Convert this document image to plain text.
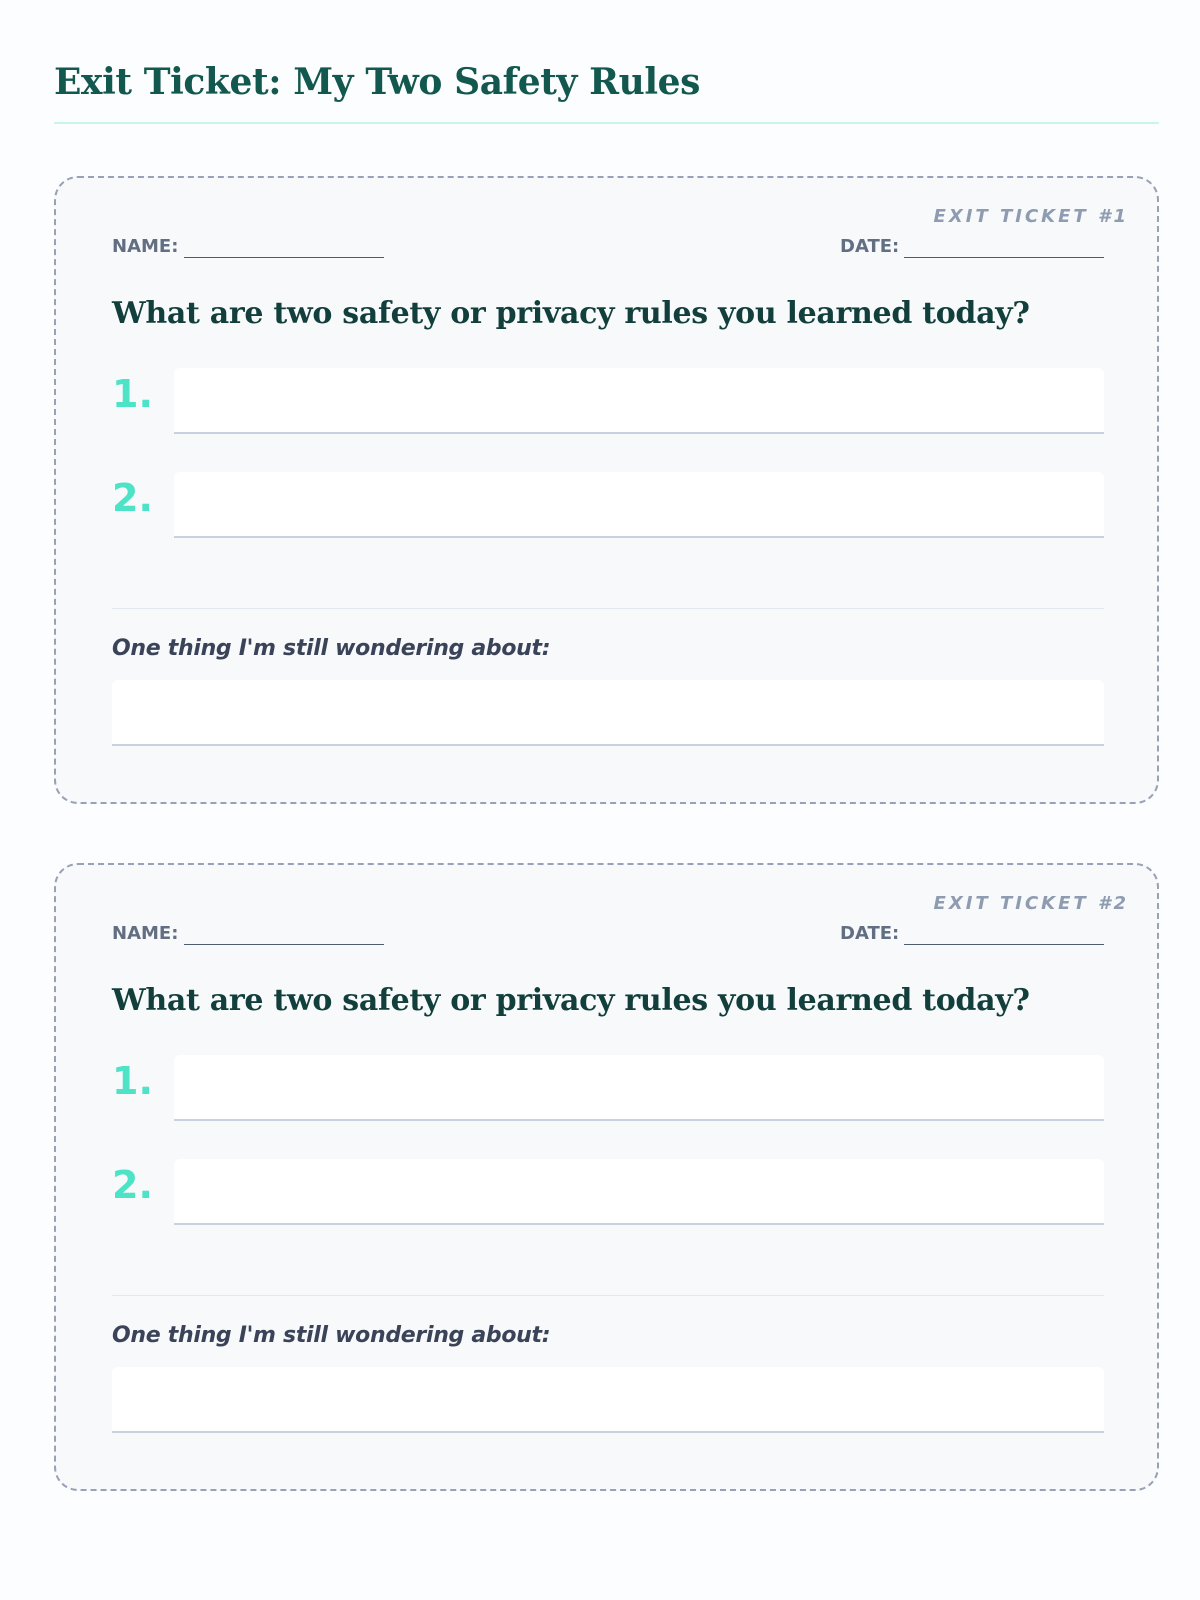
Exit Ticket: My Two Safety Rules
EXIT TICKET #1
NAME:	DATE:
What are two safety or privacy rules you learned today?
1.
2.
One thing I'm still wondering about:
EXIT TICKET #2
NAME:	DATE:
What are two safety or privacy rules you learned today?
1.
2.
One thing I'm still wondering about:
